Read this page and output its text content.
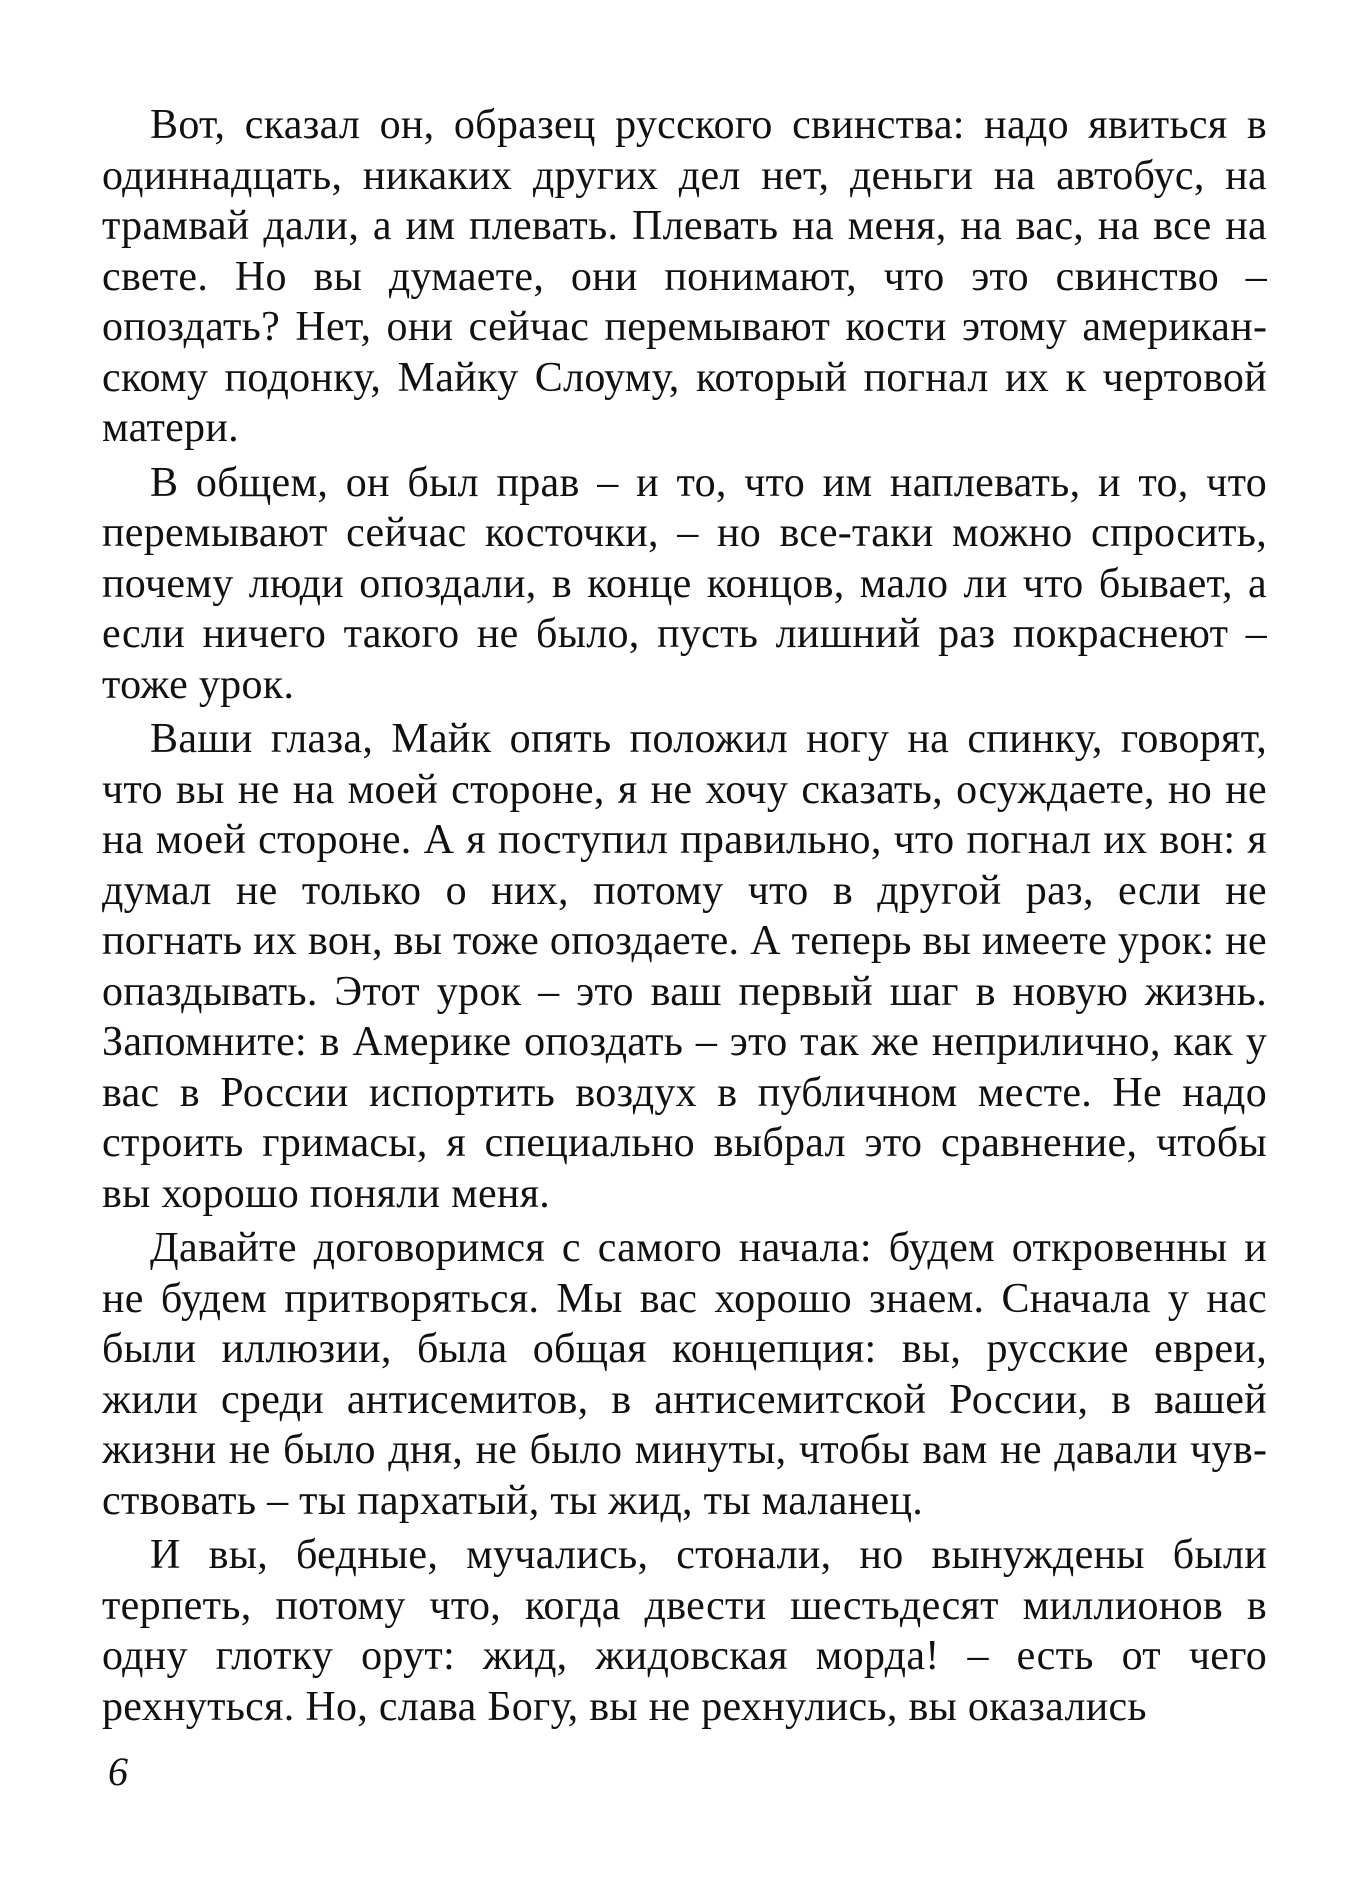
Вот, сказал он, образец русского свинства: надо явиться в одиннадцать, никаких других дел нет, деньги на автобус, на трамвай дали, а им плевать. Плевать на меня, на вас, на все на свете. Но вы думаете, они понимают, что это свинство – опоздать? Нет, они сейчас перемывают кости этому американскому подонку, Майку Слоуму, который погнал их к чертовой матери.

В общем, он был прав – и то, что им наплевать, и то, что перемывают сейчас косточки, – но все-таки можно спросить, почему люди опоздали, в конце концов, мало ли что бывает, а если ничего такого не было, пусть лишний раз покраснеют – тоже урок.

Ваши глаза, Майк опять положил ногу на спинку, говорят, что вы не на моей стороне, я не хочу сказать, осуждаете, но не на моей стороне. А я поступил правильно, что погнал их вон: я думал не только о них, потому что в другой раз, если не погнать их вон, вы тоже опоздаете. А теперь вы имеете урок: не опаздывать. Этот урок – это ваш первый шаг в новую жизнь. Запомните: в Америке опоздать – это так же неприлично, как у вас в России испортить воздух в публичном месте. Не надо строить гримасы, я специально выбрал это сравнение, чтобы вы хорошо поняли меня.

Давайте договоримся с самого начала: будем откровенны и не будем притворяться. Мы вас хорошо знаем. Сначала у нас были иллюзии, была общая концепция: вы, русские евреи, жили среди антисемитов, в антисемитской России, в вашей жизни не было дня, не было минуты, чтобы вам не давали чувствовать – ты пархатый, ты жид, ты маланец.

И вы, бедные, мучались, стонали, но вынуждены были терпеть, потому что, когда двести шестьдесят миллионов в одну глотку орут: жид, жидовская морда! – есть от чего рехнуться. Но, слава Богу, вы не рехнулись, вы оказались

6
